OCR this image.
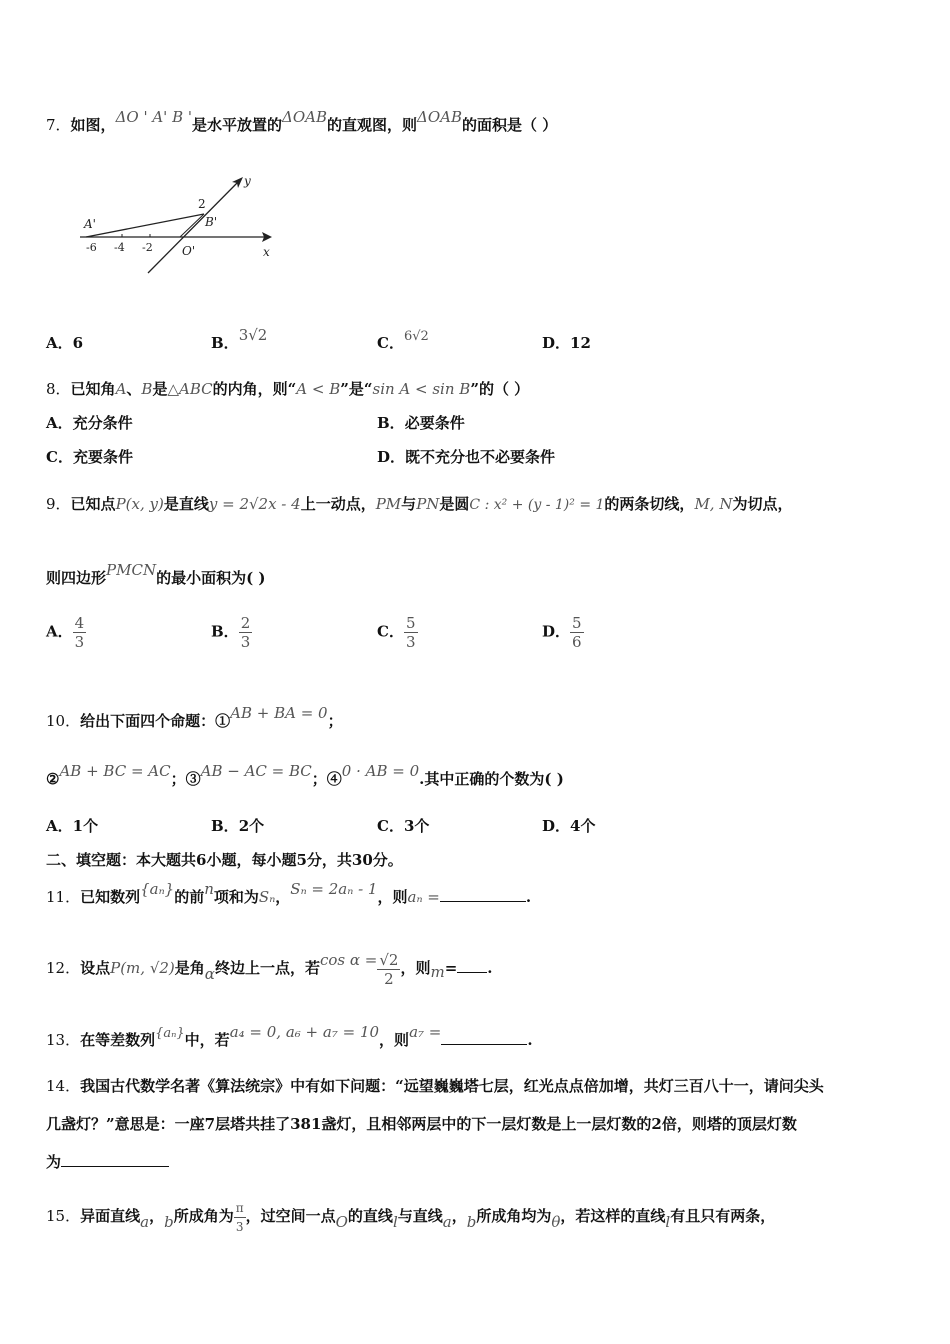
7．如图，ΔO ' A' B '是水平放置的ΔOAB的直观图，则ΔOAB的面积是（ ）
y
x
A'	B'
O'
2
-6 -4 -2
A．6	B．3√2	C．6√2	D．12
8．已知角A、B是△ABC的内角，则“A < B”是“sin A < sin B”的（ ）
A．充分条件	B．必要条件
C．充要条件	D．既不充分也不必要条件
9．已知点P(x, y)是直线y = 2√2x - 4上一动点，PM与PN是圆C : x² + (y - 1)² = 1的两条切线，M, N为切点，
则四边形PMCN的最小面积为( )
A． $\frac{4}{3}$	B． $\frac{2}{3}$	C． $\frac{5}{3}$	D． $\frac{5}{6}$
10．给出下面四个命题：①AB + BA = 0；
②AB + BC = AC；③AB − AC = BC；④0 · AB = 0.其中正确的个数为( )
A．1个	B．2个	C．3个	D．4个
二、填空题：本大题共6小题，每小题5分，共30分。
11．已知数列{aₙ}的前n项和为Sₙ，Sₙ = 2aₙ - 1，则aₙ =	.
12．设点P(m, √2)是角α终边上一点，若$\cos \alpha = \frac{√2}{2}$ ，则m= .
13．在等差数列{aₙ}中，若a₄ = 0, a₆ + a₇ = 10，则a₇ =	.
14．我国古代数学名著《算法统宗》中有如下问题：“远望巍巍塔七层，红光点点倍加增，共灯三百八十一，请问尖头
几盏灯？”意思是：一座7层塔共挂了381盏灯，且相邻两层中的下一层灯数是上一层灯数的2倍，则塔的顶层灯数
为
15．异面直线a，b所成角为 $\frac{\pi}{3}$ ，过空间一点O的直线l与直线a，b所成角均为θ，若这样的直线l有且只有两条，
